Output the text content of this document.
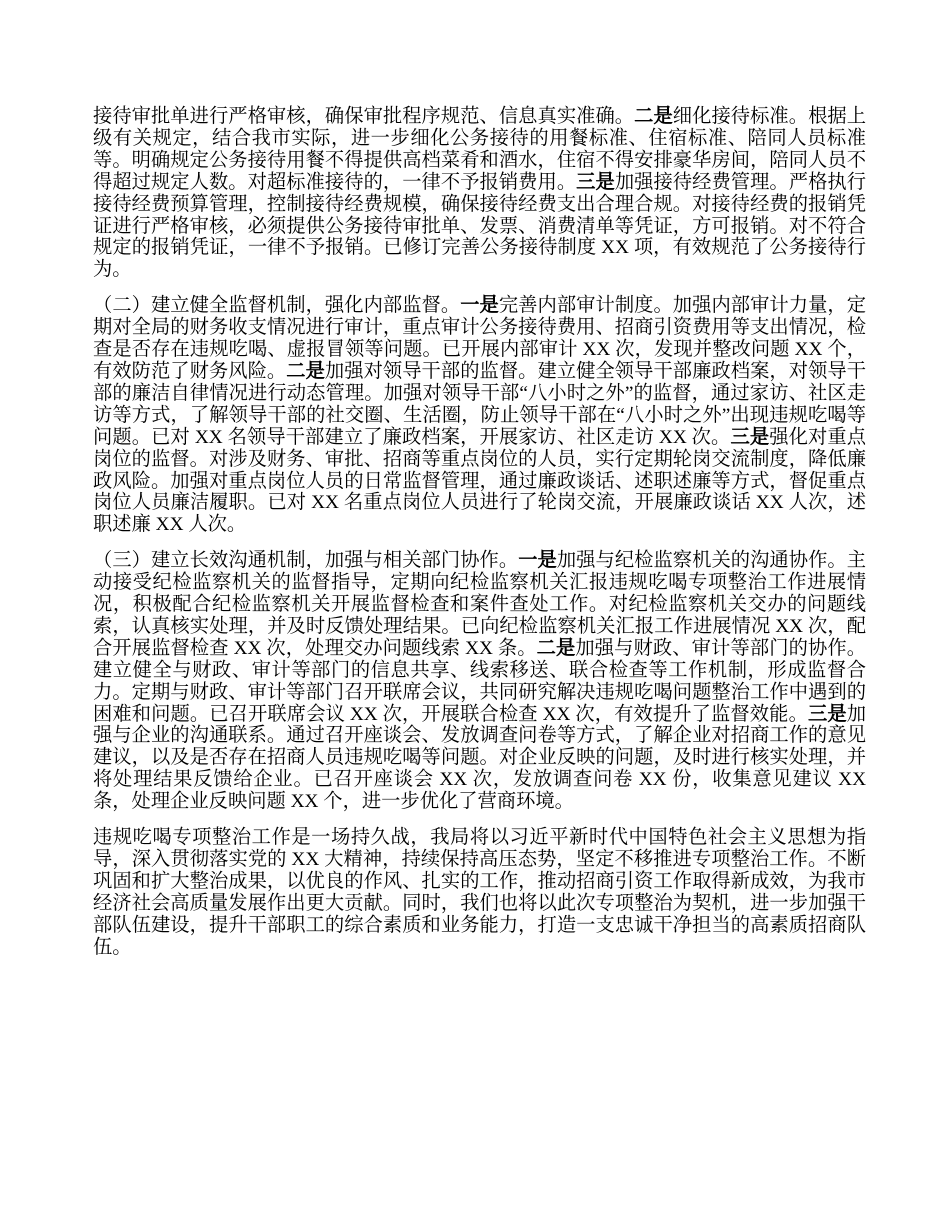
接待审批单进行严格审核，确保审批程序规范、信息真实准确。二是细化接待标准。根据上级有关规定，结合我市实际，进一步细化公务接待的用餐标准、住宿标准、陪同人员标准等。明确规定公务接待用餐不得提供高档菜肴和酒水，住宿不得安排豪华房间，陪同人员不得超过规定人数。对超标准接待的，一律不予报销费用。三是加强接待经费管理。严格执行接待经费预算管理，控制接待经费规模，确保接待经费支出合理合规。对接待经费的报销凭证进行严格审核，必须提供公务接待审批单、发票、消费清单等凭证，方可报销。对不符合规定的报销凭证，一律不予报销。已修订完善公务接待制度 XX 项，有效规范了公务接待行为。

（二）建立健全监督机制，强化内部监督。一是完善内部审计制度。加强内部审计力量，定期对全局的财务收支情况进行审计，重点审计公务接待费用、招商引资费用等支出情况，检查是否存在违规吃喝、虚报冒领等问题。已开展内部审计 XX 次，发现并整改问题 XX 个，有效防范了财务风险。二是加强对领导干部的监督。建立健全领导干部廉政档案，对领导干部的廉洁自律情况进行动态管理。加强对领导干部“八小时之外”的监督，通过家访、社区走访等方式，了解领导干部的社交圈、生活圈，防止领导干部在“八小时之外”出现违规吃喝等问题。已对 XX 名领导干部建立了廉政档案，开展家访、社区走访 XX 次。三是强化对重点岗位的监督。对涉及财务、审批、招商等重点岗位的人员，实行定期轮岗交流制度，降低廉政风险。加强对重点岗位人员的日常监督管理，通过廉政谈话、述职述廉等方式，督促重点岗位人员廉洁履职。已对 XX 名重点岗位人员进行了轮岗交流，开展廉政谈话 XX 人次，述职述廉 XX 人次。

（三）建立长效沟通机制，加强与相关部门协作。一是加强与纪检监察机关的沟通协作。主动接受纪检监察机关的监督指导，定期向纪检监察机关汇报违规吃喝专项整治工作进展情况，积极配合纪检监察机关开展监督检查和案件查处工作。对纪检监察机关交办的问题线索，认真核实处理，并及时反馈处理结果。已向纪检监察机关汇报工作进展情况 XX 次，配合开展监督检查 XX 次，处理交办问题线索 XX 条。二是加强与财政、审计等部门的协作。建立健全与财政、审计等部门的信息共享、线索移送、联合检查等工作机制，形成监督合力。定期与财政、审计等部门召开联席会议，共同研究解决违规吃喝问题整治工作中遇到的困难和问题。已召开联席会议 XX 次，开展联合检查 XX 次，有效提升了监督效能。三是加强与企业的沟通联系。通过召开座谈会、发放调查问卷等方式，了解企业对招商工作的意见建议，以及是否存在招商人员违规吃喝等问题。对企业反映的问题，及时进行核实处理，并将处理结果反馈给企业。已召开座谈会 XX 次，发放调查问卷 XX 份，收集意见建议 XX 条，处理企业反映问题 XX 个，进一步优化了营商环境。

违规吃喝专项整治工作是一场持久战，我局将以习近平新时代中国特色社会主义思想为指导，深入贯彻落实党的 XX 大精神，持续保持高压态势，坚定不移推进专项整治工作。不断巩固和扩大整治成果，以优良的作风、扎实的工作，推动招商引资工作取得新成效，为我市经济社会高质量发展作出更大贡献。同时，我们也将以此次专项整治为契机，进一步加强干部队伍建设，提升干部职工的综合素质和业务能力，打造一支忠诚干净担当的高素质招商队伍。
